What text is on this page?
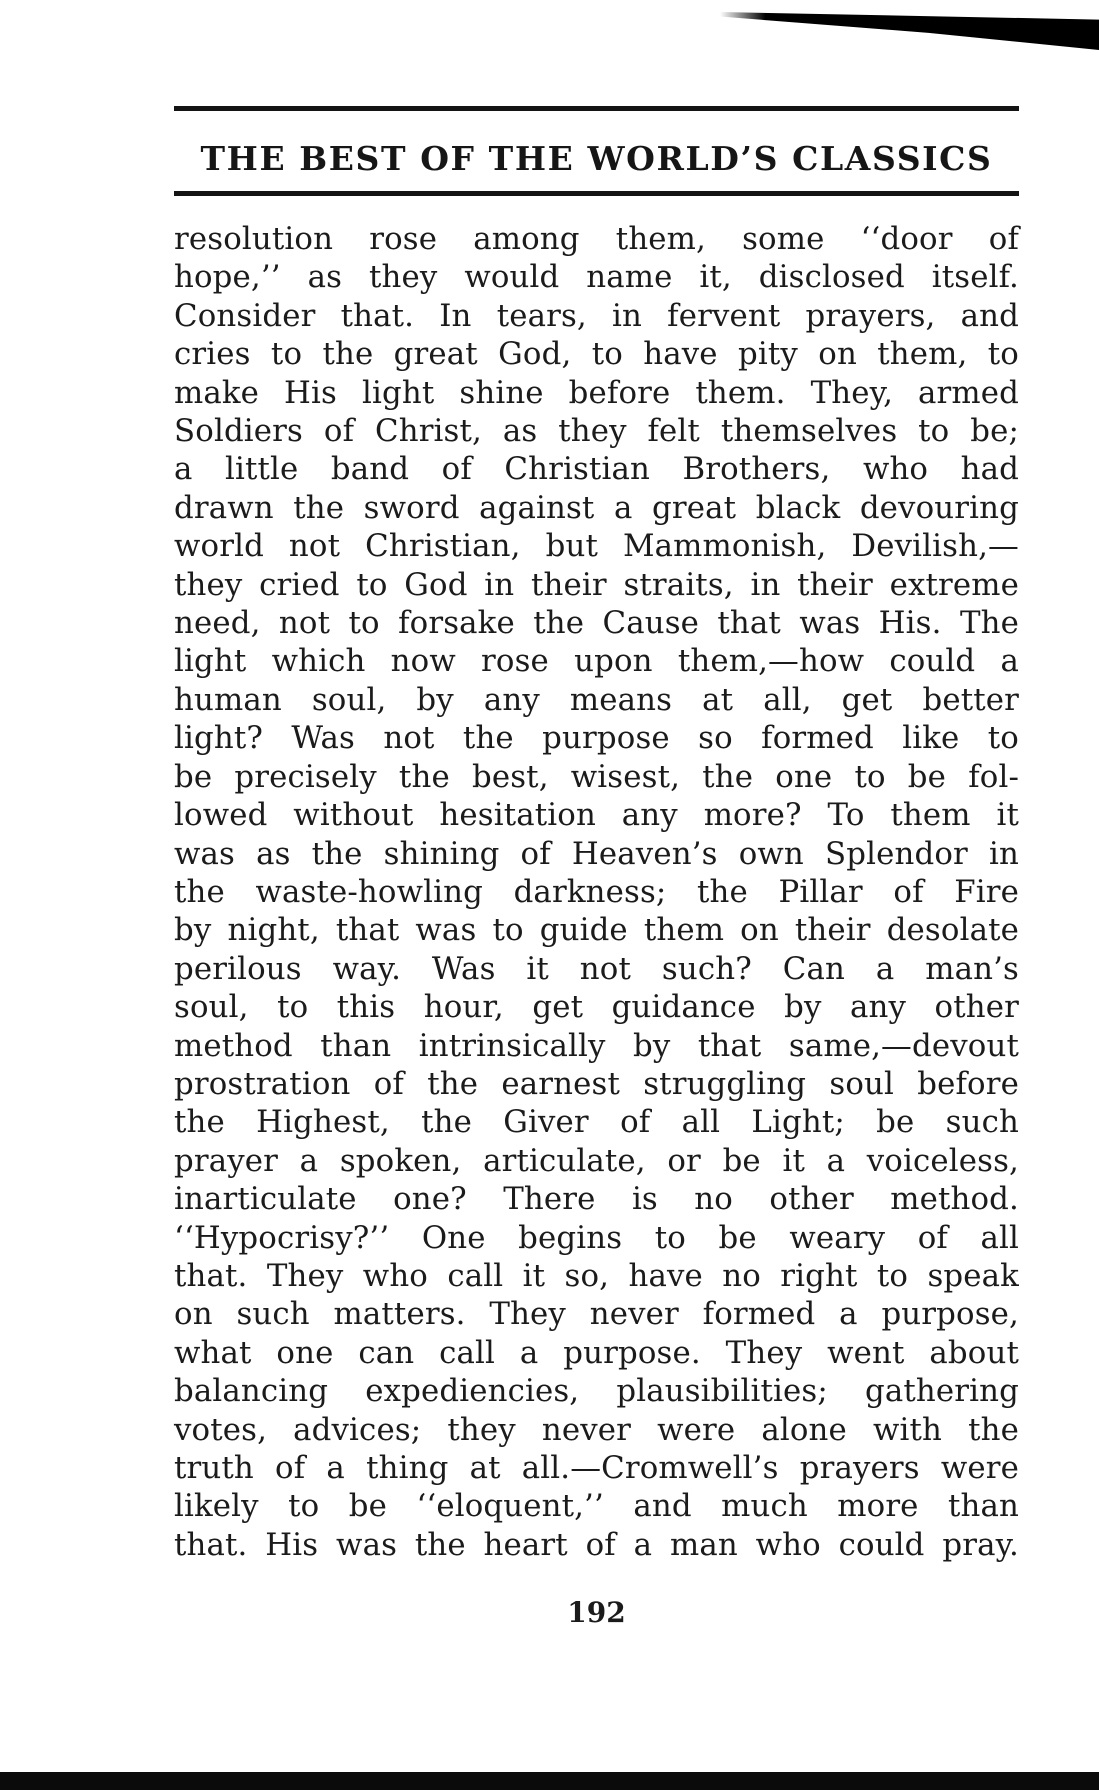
THE BEST OF THE WORLD’S CLASSICS
resolution rose among them, some ‘‘door of
hope,’’ as they would name it, disclosed itself.
Consider that. In tears, in fervent prayers, and
cries to the great God, to have pity on them, to
make His light shine before them. They, armed
Soldiers of Christ, as they felt themselves to be;
a little band of Christian Brothers, who had
drawn the sword against a great black devouring
world not Christian, but Mammonish, Devilish,—
they cried to God in their straits, in their extreme
need, not to forsake the Cause that was His. The
light which now rose upon them,—how could a
human soul, by any means at all, get better
light? Was not the purpose so formed like to
be precisely the best, wisest, the one to be fol-
lowed without hesitation any more? To them it
was as the shining of Heaven’s own Splendor in
the waste-howling darkness; the Pillar of Fire
by night, that was to guide them on their desolate
perilous way. Was it not such? Can a man’s
soul, to this hour, get guidance by any other
method than intrinsically by that same,—devout
prostration of the earnest struggling soul before
the Highest, the Giver of all Light; be such
prayer a spoken, articulate, or be it a voiceless,
inarticulate one? There is no other method.
‘‘Hypocrisy?’’ One begins to be weary of all
that. They who call it so, have no right to speak
on such matters. They never formed a purpose,
what one can call a purpose. They went about
balancing expediencies, plausibilities; gathering
votes, advices; they never were alone with the
truth of a thing at all.—Cromwell’s prayers were
likely to be ‘‘eloquent,’’ and much more than
that. His was the heart of a man who could pray.
192
